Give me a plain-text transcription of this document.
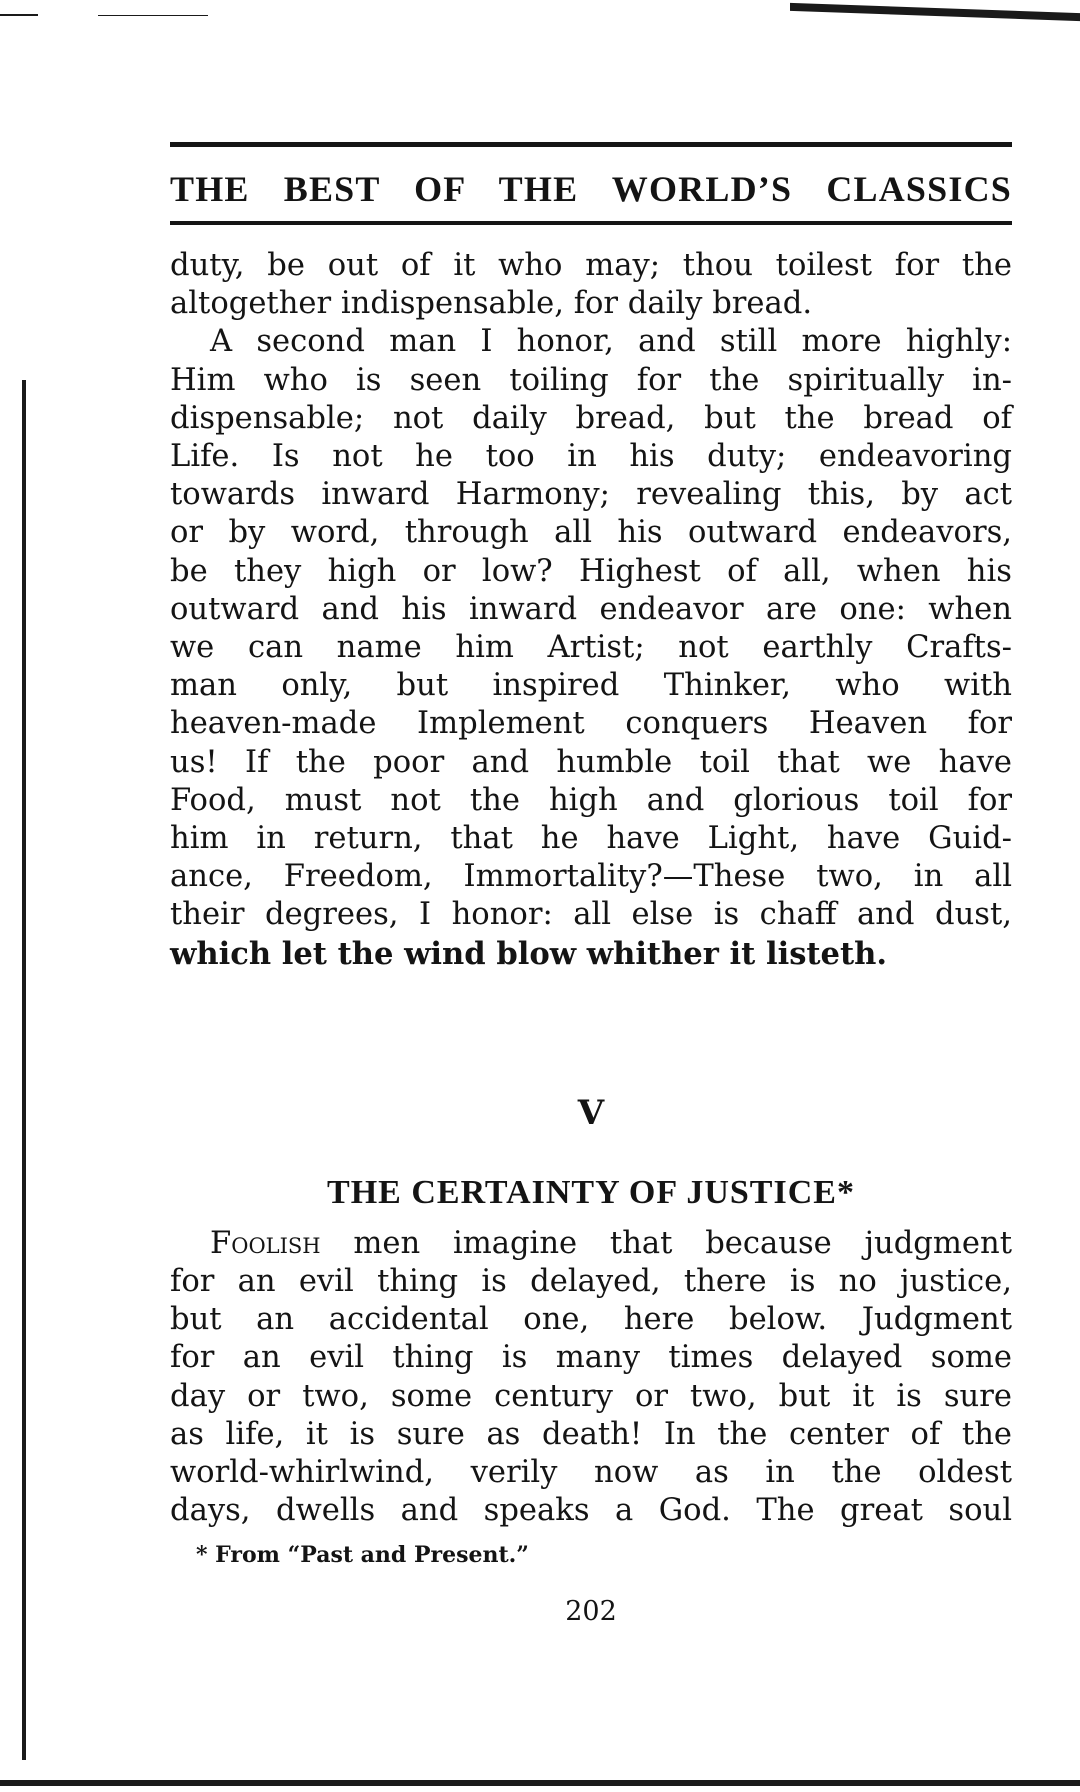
THE BEST OF THE WORLD’S CLASSICS
duty, be out of it who may; thou toilest for the
altogether indispensable, for daily bread.
A second man I honor, and still more highly:
Him who is seen toiling for the spiritually in-
dispensable; not daily bread, but the bread of
Life. Is not he too in his duty; endeavoring
towards inward Harmony; revealing this, by act
or by word, through all his outward endeavors,
be they high or low? Highest of all, when his
outward and his inward endeavor are one: when
we can name him Artist; not earthly Crafts-
man only, but inspired Thinker, who with
heaven-made Implement conquers Heaven for
us! If the poor and humble toil that we have
Food, must not the high and glorious toil for
him in return, that he have Light, have Guid-
ance, Freedom, Immortality?—These two, in all
their degrees, I honor: all else is chaff and dust,
which let the wind blow whither it listeth.
V
THE CERTAINTY OF JUSTICE*
Foolish men imagine that because judgment
for an evil thing is delayed, there is no justice,
but an accidental one, here below. Judgment
for an evil thing is many times delayed some
day or two, some century or two, but it is sure
as life, it is sure as death! In the center of the
world-whirlwind, verily now as in the oldest
days, dwells and speaks a God. The great soul
* From “Past and Present.”
202
